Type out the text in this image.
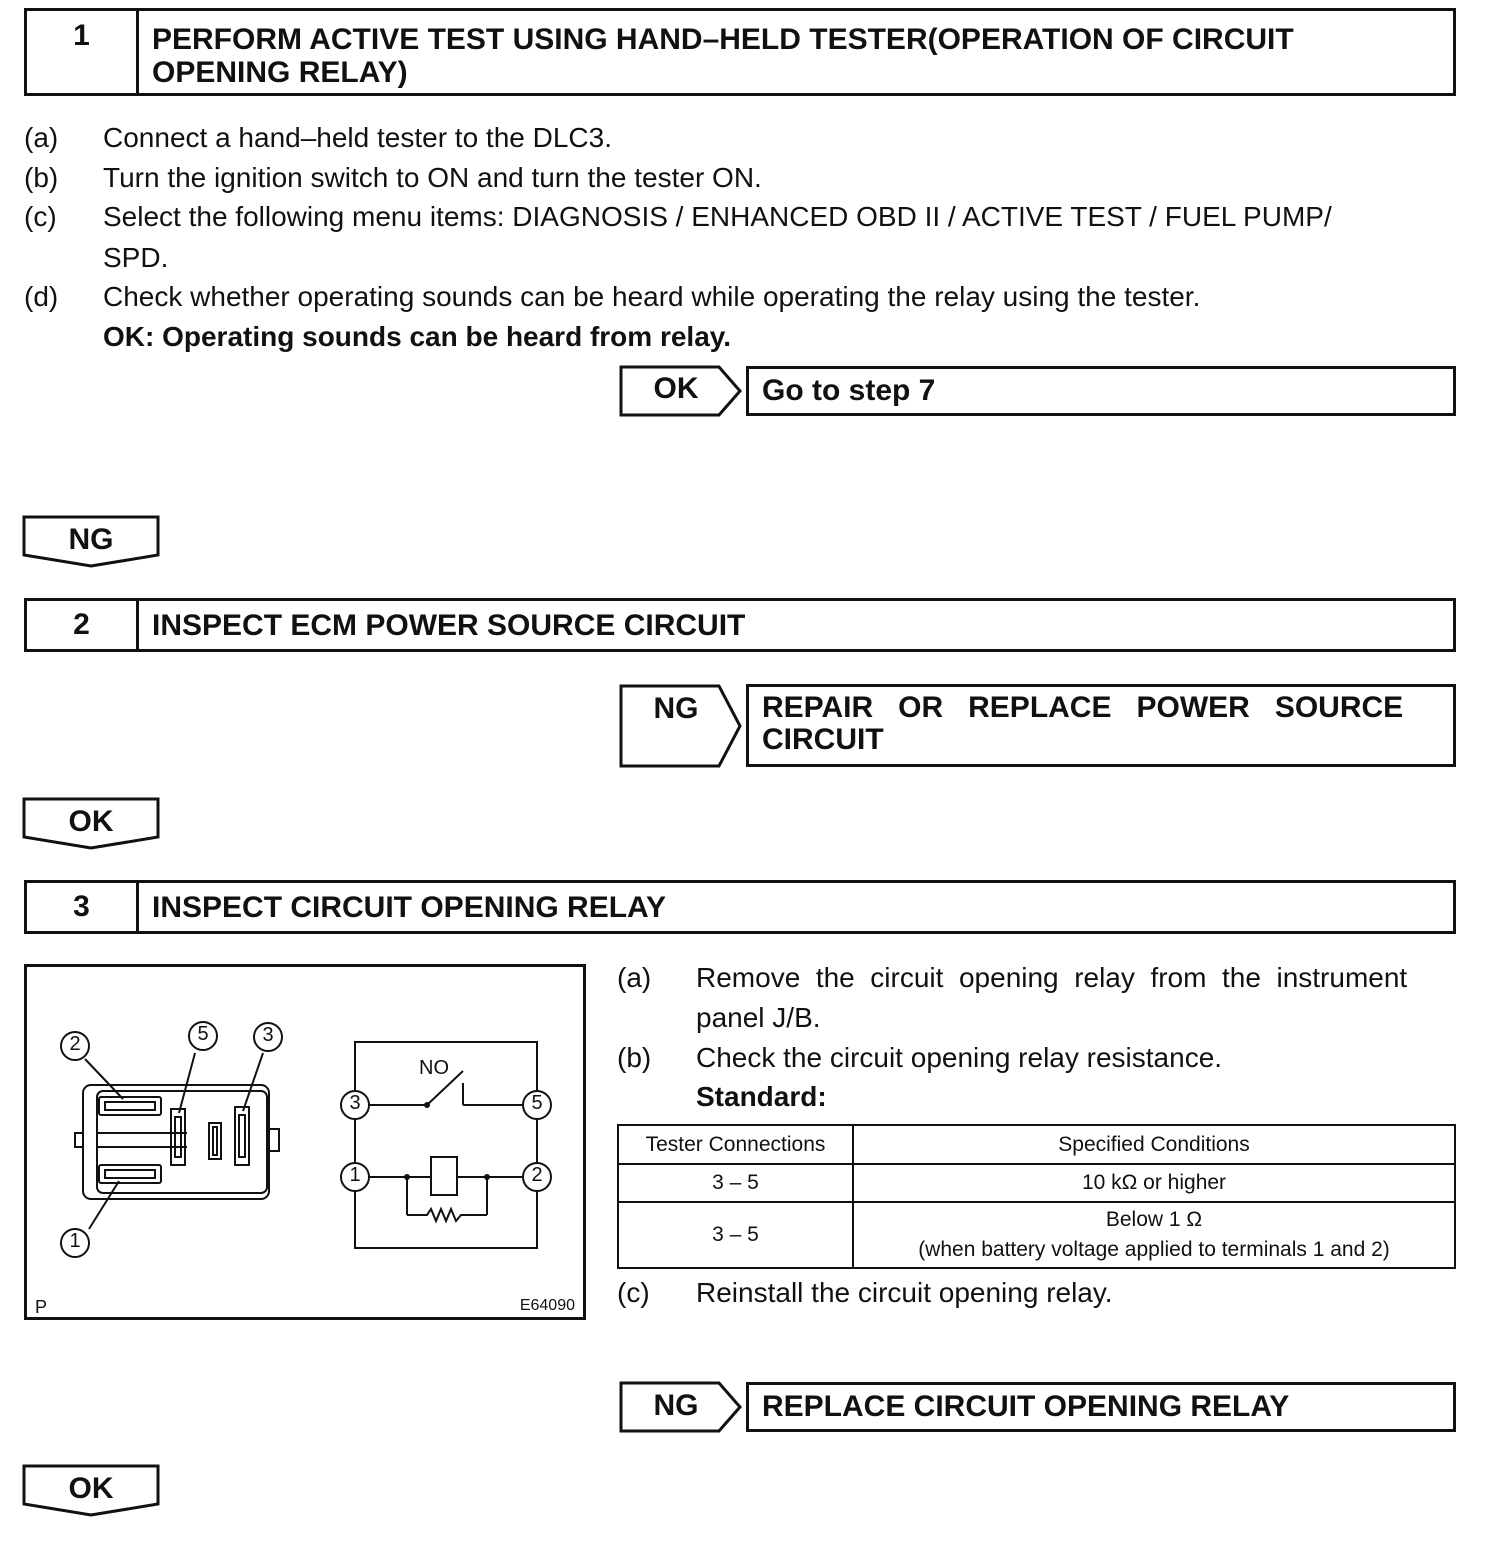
1	PERFORM ACTIVE TEST USING HAND–HELD TESTER(OPERATION OF CIRCUIT
OPENING RELAY)
(a) Connect a hand–held tester to the DLC3.
(b) Turn the ignition switch to ON and turn the tester ON.
(c) Select the following menu items: DIAGNOSIS / ENHANCED OBD II / ACTIVE TEST / FUEL PUMP/
SPD.
(d) Check whether operating sounds can be heard while operating the relay using the tester.
OK: Operating sounds can be heard from relay.
OK	Go to step 7
NG
2	INSPECT ECM POWER SOURCE CIRCUIT
NG	REPAIR   OR   REPLACE   POWER   SOURCE
CIRCUIT
OK
3	INSPECT CIRCUIT OPENING RELAY
2	5	3
1
3	5
1	2
NO
P	E64090
(a) Remove  the  circuit  opening  relay  from  the  instrument
panel J/B.
(b) Check the circuit opening relay resistance.
Standard:
Tester Connections	Specified Conditions
3 – 5	10 kΩ or higher
3 – 5	Below 1 Ω
(when battery voltage applied to terminals 1 and 2)
(c) Reinstall the circuit opening relay.
NG	REPLACE CIRCUIT OPENING RELAY
OK
